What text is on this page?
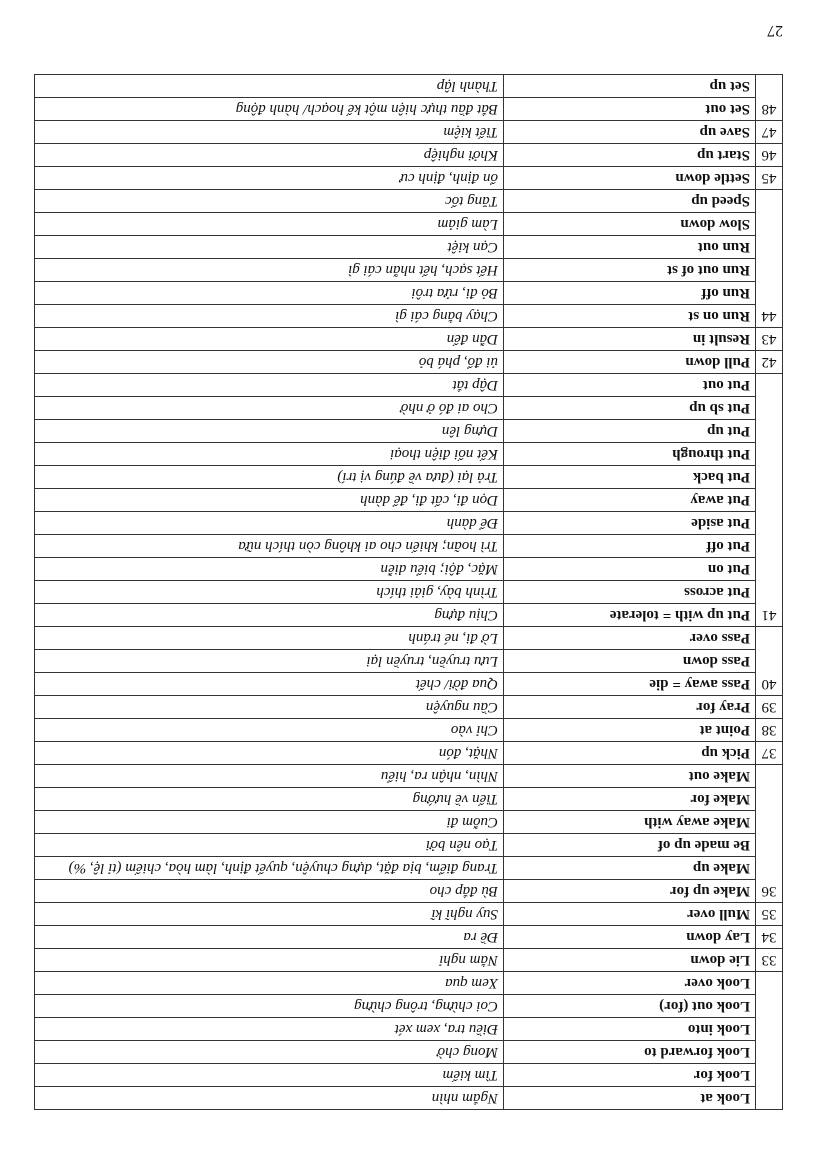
27
	Look at	Ngắm nhìn
	Look for	Tìm kiếm
	Look forward to	Mong chờ
	Look into	Điều tra, xem xét
	Look out (for)	Coi chừng, trông chừng
	Look over	Xem qua
33	Lie down	Nằm nghỉ
34	Lay down	Đề ra
35	Mull over	Suy nghĩ kĩ
36	Make up for	Bù đắp cho
	Make up	Trang điểm, bịa đặt, dựng chuyện, quyết định, làm hòa, chiếm (tỉ lệ, %)
	Be made up of	Tạo nên bởi
	Make away with	Cuỗm đi
	Make for	Tiến về hướng
	Make out	Nhìn, nhận ra, hiểu
37	Pick up	Nhặt, đón
38	Point at	Chỉ vào
39	Pray for	Cầu nguyện
40	Pass away = die	Qua đời/ chết
	Pass down	Lưu truyền, truyền lại
	Pass over	Lờ đi, né tránh
41	Put up with = tolerate	Chịu đựng
	Put across	Trình bày, giải thích
	Put on	Mặc, đội; biểu diễn
	Put off	Trì hoãn; khiến cho ai không còn thích nữa
	Put aside	Để dành
	Put away	Dọn đi, cất đi, để dành
	Put back	Trả lại (đưa về đúng vị trí)
	Put through	Kết nối điện thoại
	Put up	Dựng lên
	Put sb up	Cho ai đó ở nhờ
	Put out	Dập tắt
42	Pull down	ủi đổ, phá bỏ
43	Result in	Dẫn đến
44	Run on st	Chạy bằng cái gì
	Run off	Bỏ đi, rửa trôi
	Run out of st	Hết sạch, hết nhẵn cái gì
	Run out	Cạn kiệt
	Slow down	Làm giảm
	Speed up	Tăng tốc
45	Settle down	ổn định, định cư
46	Start up	Khởi nghiệp
47	Save up	Tiết kiệm
48	Set out	Bắt đầu thực hiện một kế hoạch/ hành động
	Set up	Thành lập
